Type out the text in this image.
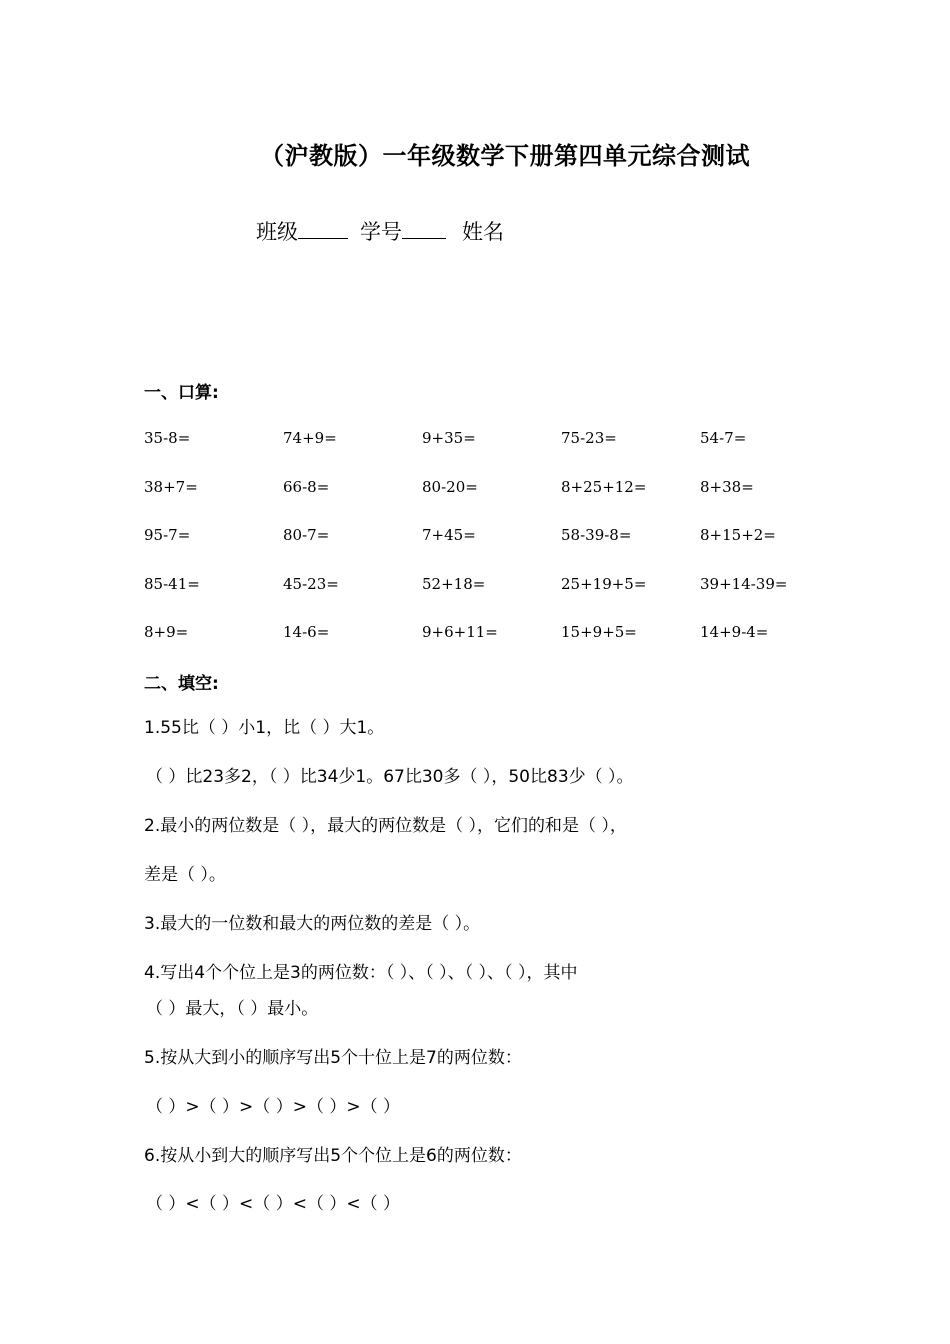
（沪教版）一年级数学下册第四单元综合测试
班级	学号	姓名
一、口算:
35-8=	74+9=	9+35=	75-23=	54-7=
38+7=	66-8=	80-20=	8+25+12=	8+38=
95-7=	80-7=	7+45=	58-39-8=	8+15+2=
85-41=	45-23=	52+18=	25+19+5=	39+14-39=
8+9=	14-6=	9+6+11=	15+9+5=	14+9-4=
二、填空:
1.55比（ ）小1，比（ ）大1。
（ ）比23多2，（ ）比34少1。67比30多（ ），50比83少（ ）。
2.最小的两位数是（ ），最大的两位数是（ ），它们的和是（ ），
差是（ ）。
3.最大的一位数和最大的两位数的差是（ ）。
4.写出4个个位上是3的两位数：（ ）、（ ）、（ ）、（ ），其中
（ ）最大，（ ）最小。
5.按从大到小的顺序写出5个十位上是7的两位数：
（ ）>（ ）>（ ）>（ ）>（ ）
6.按从小到大的顺序写出5个个位上是6的两位数：
（ ）<（ ）<（ ）<（ ）<（ ）
